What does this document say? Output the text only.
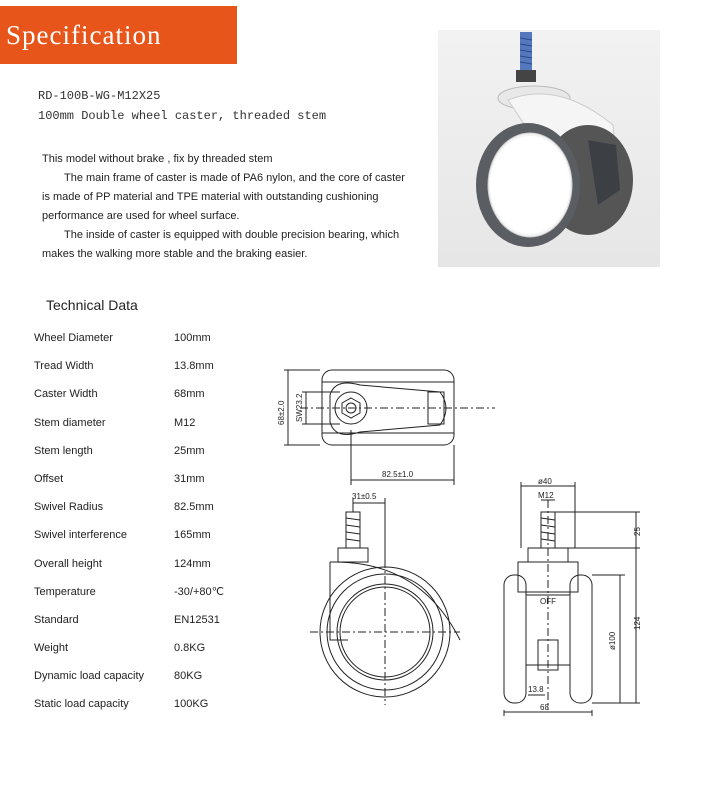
Specification
RD-100B-WG-M12X25
100mm Double wheel caster, threaded stem

This model without brake , fix by threaded stem

The main frame of caster is made of PA6 nylon, and the core of caster is made of PP material and TPE material with outstanding cushioning performance are used for wheel surface.

The inside of caster is equipped with double precision bearing, which makes the walking more stable and the braking easier.

Technical Data
Wheel Diameter	100mm
Tread Width	13.8mm
Caster Width	68mm
Stem diameter	M12
Stem length	25mm
Offset	31mm
Swivel Radius	82.5mm
Swivel interference	165mm
Overall height	124mm
Temperature	-30/+80℃
Standard	EN12531
Weight	0.8KG
Dynamic load capacity	80KG
Static load capacity	100KG
68±2.0 SW23.2
82.5±1.0
31±0.5
ø40
M12
25
ø100
124
13.8
68
OFF
